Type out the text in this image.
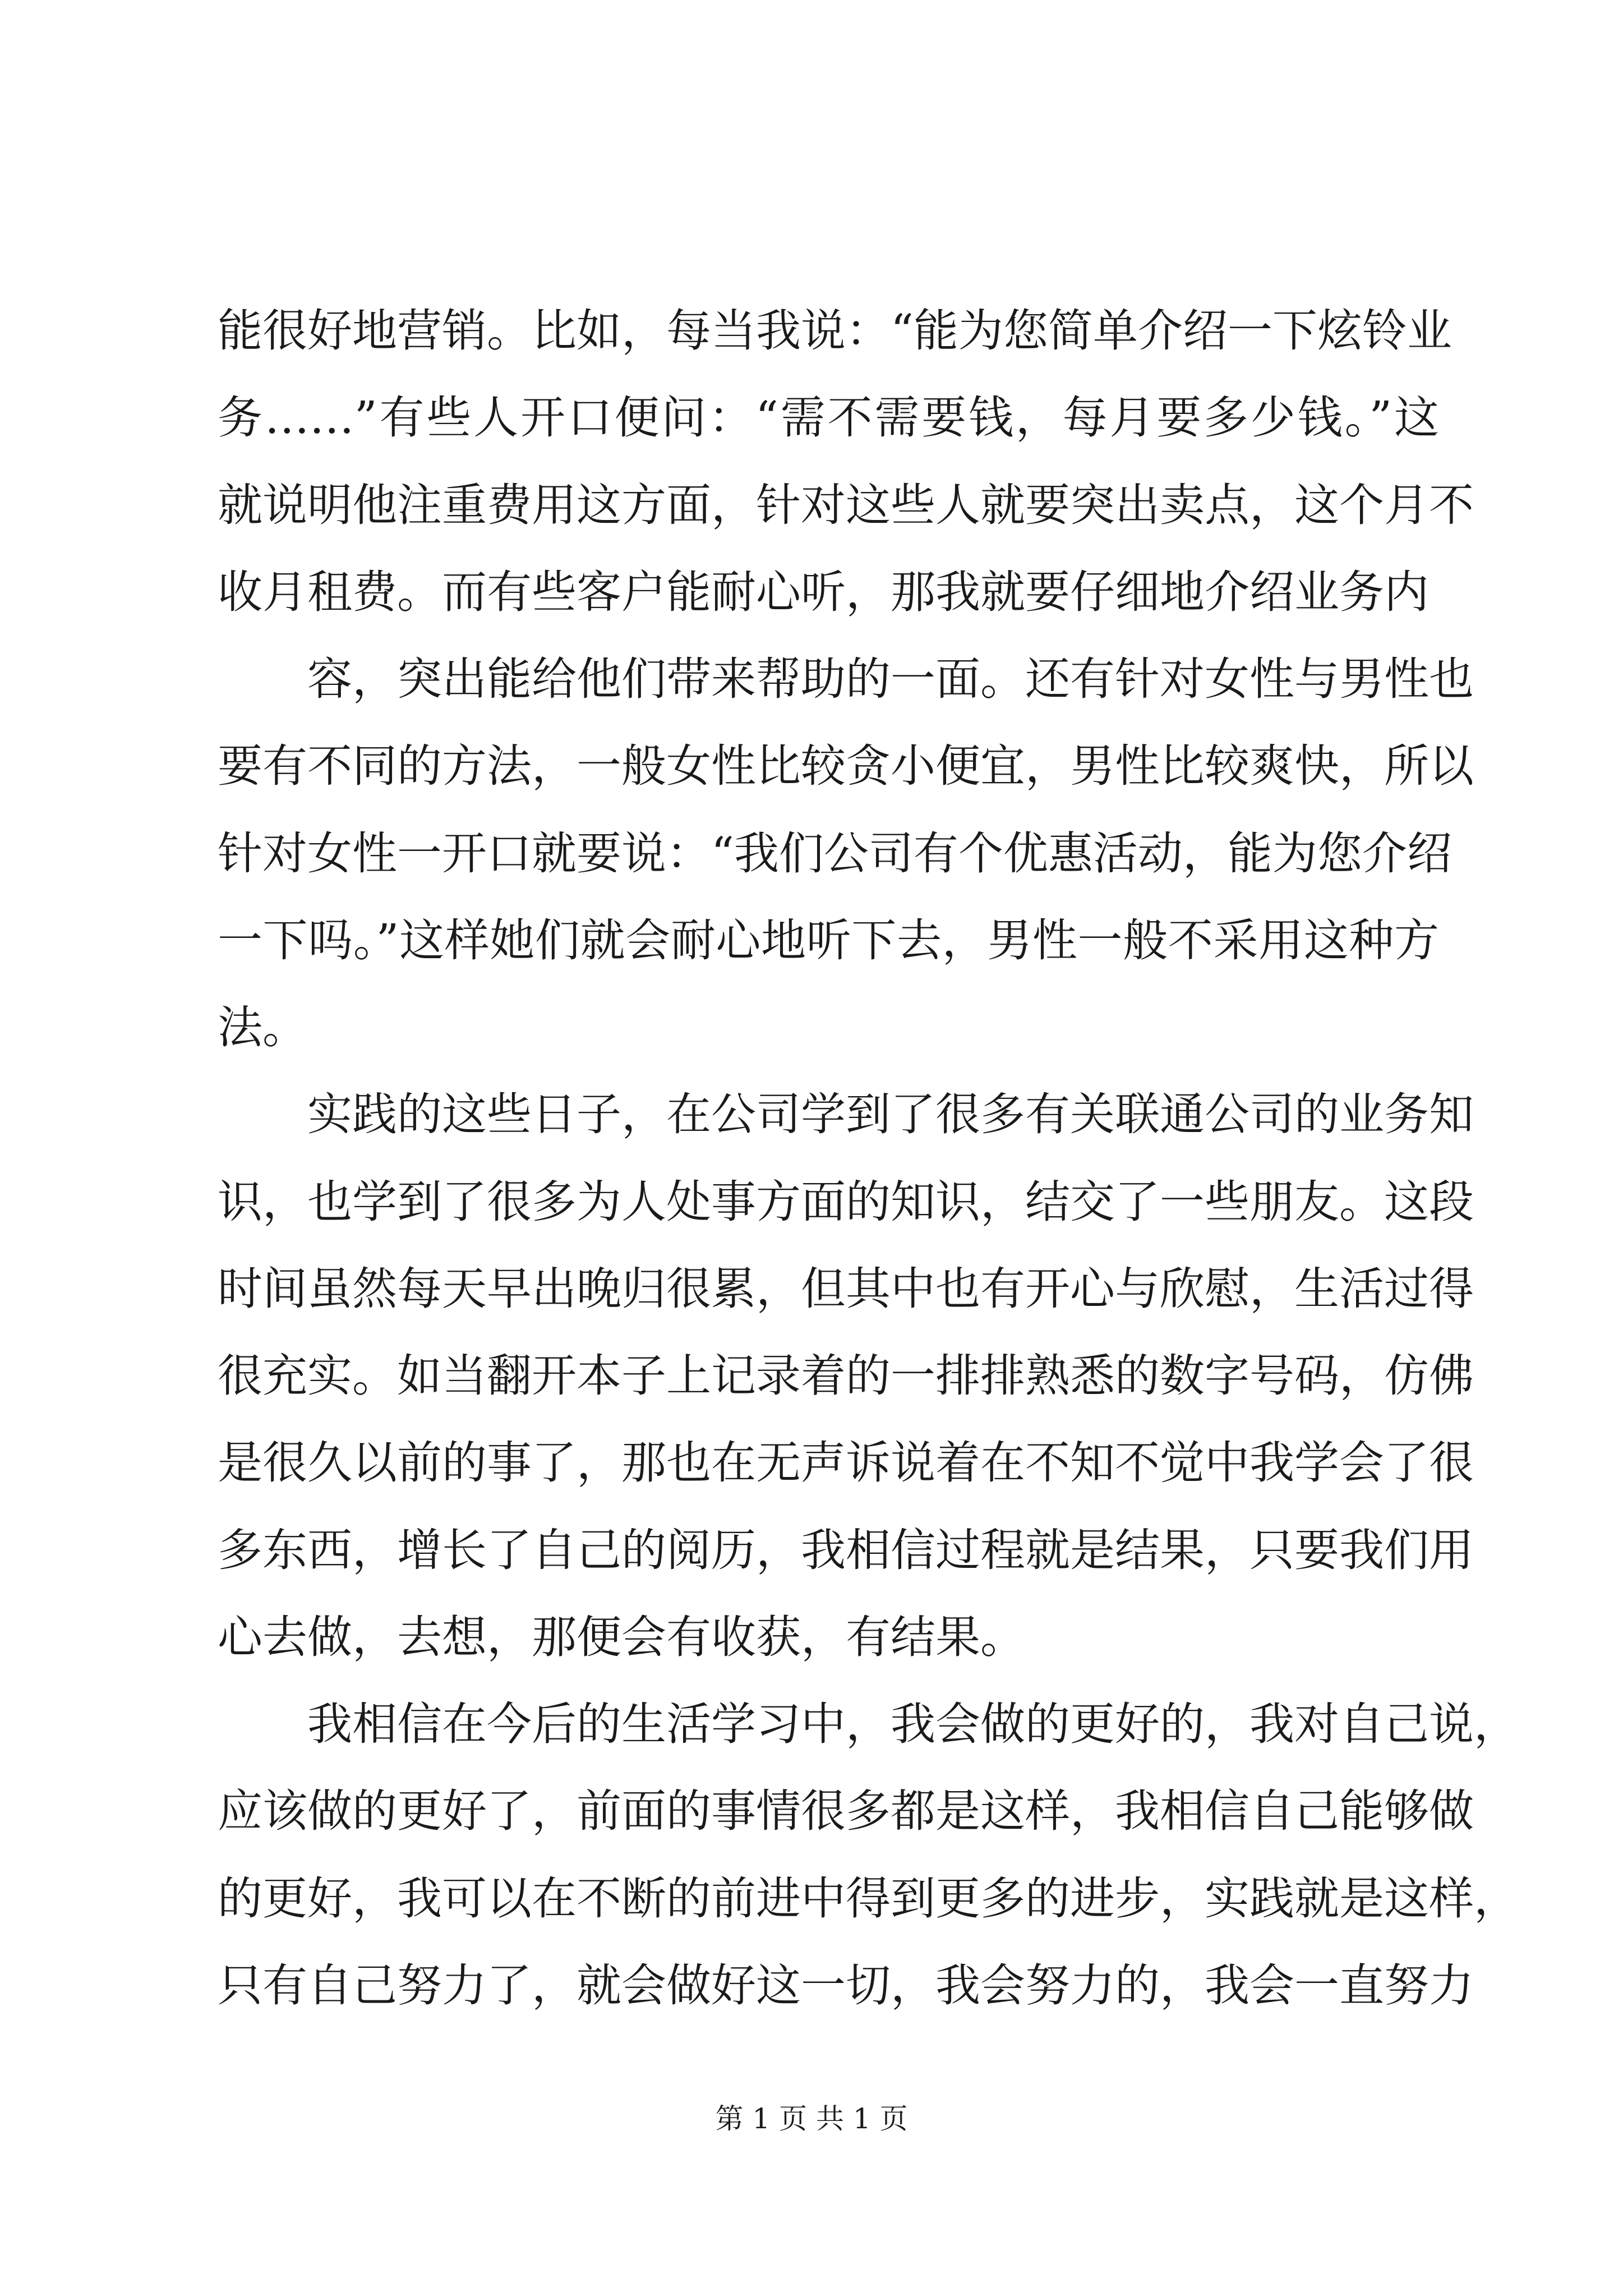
能很好地营销。比如，每当我说：“能为您简单介绍一下炫铃业
务……”有些人开口便问：“需不需要钱，每月要多少钱。”这
就说明他注重费用这方面，针对这些人就要突出卖点，这个月不
收月租费。而有些客户能耐心听，那我就要仔细地介绍业务内
容，突出能给他们带来帮助的一面。还有针对女性与男性也
要有不同的方法，一般女性比较贪小便宜，男性比较爽快，所以
针对女性一开口就要说：“我们公司有个优惠活动，能为您介绍
一下吗。”这样她们就会耐心地听下去，男性一般不采用这种方
法。
实践的这些日子，在公司学到了很多有关联通公司的业务知
识，也学到了很多为人处事方面的知识，结交了一些朋友。这段
时间虽然每天早出晚归很累，但其中也有开心与欣慰，生活过得
很充实。如当翻开本子上记录着的一排排熟悉的数字号码，仿佛
是很久以前的事了，那也在无声诉说着在不知不觉中我学会了很
多东西，增长了自己的阅历，我相信过程就是结果，只要我们用
心去做，去想，那便会有收获，有结果。
我相信在今后的生活学习中，我会做的更好的，我对自己说，
应该做的更好了，前面的事情很多都是这样，我相信自己能够做
的更好，我可以在不断的前进中得到更多的进步，实践就是这样，
只有自己努力了，就会做好这一切，我会努力的，我会一直努力
第 1 页 共 1 页
